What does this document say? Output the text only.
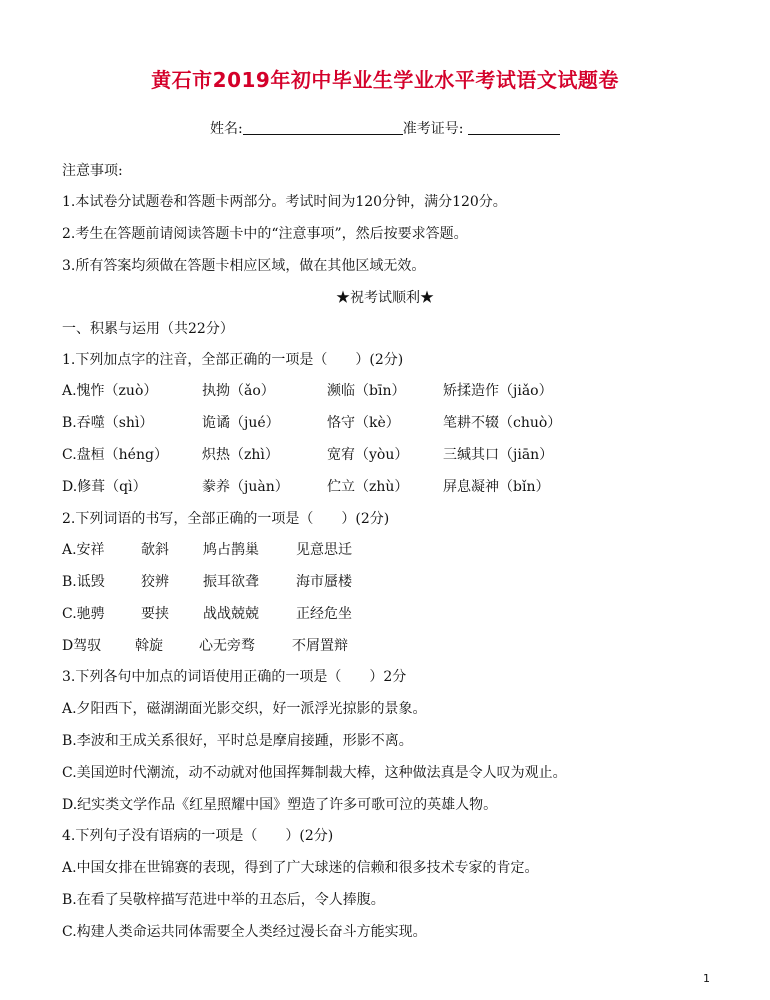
黄石市2019年初中毕业生学业水平考试语文试题卷
姓名:	准考证号:
注意事项:
1.本试卷分试题卷和答题卡两部分。考试时间为120分钟，满分120分。
2.考生在答题前请阅读答题卡中的“注意事项”，然后按要求答题。
3.所有答案均须做在答题卡相应区域，做在其他区域无效。
★祝考试顺利★
一、积累与运用（共22分）
1.下列加点字的注音，全部正确的一项是（　　）(2分)
A.愧怍（zuò）	执拗（ǎo）	濒临（bīn）	矫揉造作（jiǎo）
B.吞噬（shì）	诡谲（jué）	恪守（kè）	笔耕不辍（chuò）
C.盘桓（héng） 炽热（zhì）	宽宥（yòu） 三缄其口（jiān）
D.修葺（qì）	豢养（juàn）	伫立（zhù） 屏息凝神（bǐn）
2.下列词语的书写，全部正确的一项是（　　）(2分)
A.安祥	欹斜 鸠占鹊巢	见意思迁
B.诋毁	狡辨 振耳欲聋	海市蜃楼
C.驰骋	要挟 战战兢兢	正经危坐
D驾驭 斡旋	心无旁骛	不屑置辩
3.下列各句中加点的词语使用正确的一项是（　　）2分
A.夕阳西下，磁湖湖面光影交织，好一派浮光掠影的景象。
B.李波和王成关系很好，平时总是摩肩接踵，形影不离。
C.美国逆时代潮流，动不动就对他国挥舞制裁大棒，这种做法真是令人叹为观止。
D.纪实类文学作品《红星照耀中国》塑造了许多可歌可泣的英雄人物。
4.下列句子没有语病的一项是（　　）(2分)
A.中国女排在世锦赛的表现，得到了广大球迷的信赖和很多技术专家的肯定。
B.在看了吴敬梓描写范进中举的丑态后，令人捧腹。
C.构建人类命运共同体需要全人类经过漫长奋斗方能实现。
1
